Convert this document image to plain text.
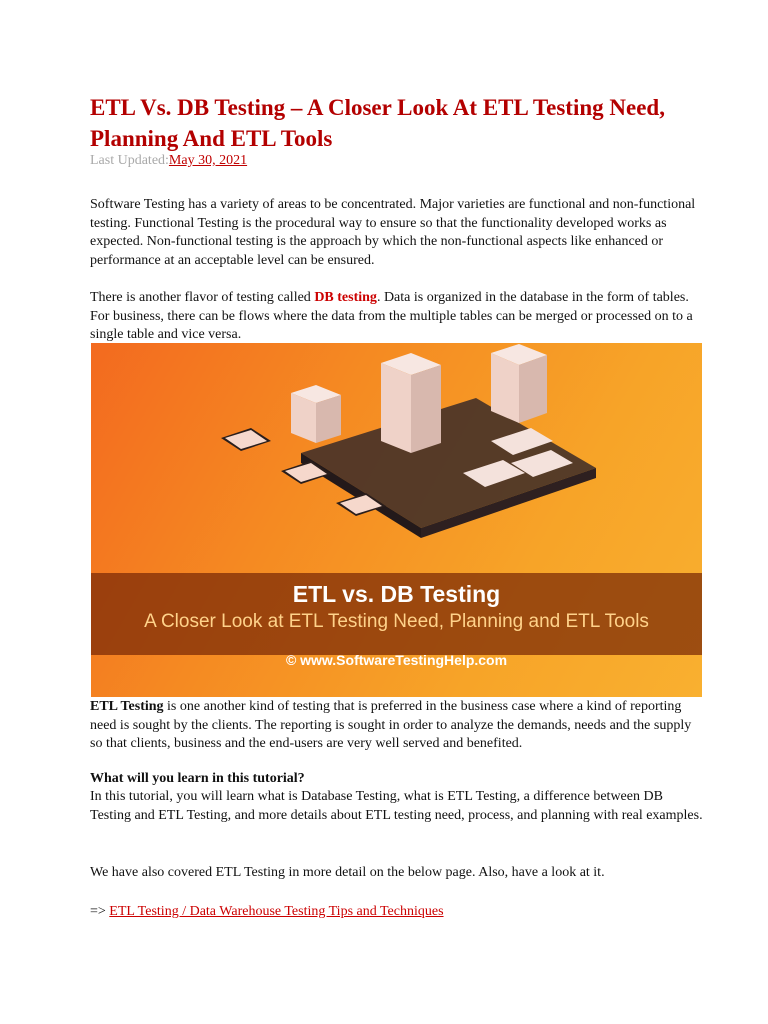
ETL Vs. DB Testing – A Closer Look At ETL Testing Need, Planning And ETL Tools
Last Updated:May 30, 2021

Software Testing has a variety of areas to be concentrated. Major varieties are functional and non-functional testing. Functional Testing is the procedural way to ensure so that the functionality developed works as expected. Non-functional testing is the approach by which the non-functional aspects like enhanced or performance at an acceptable level can be ensured.

There is another flavor of testing called DB testing. Data is organized in the database in the form of tables. For business, there can be flows where the data from the multiple tables can be merged or processed on to a single table and vice versa.

ETL vs. DB Testing
A Closer Look at ETL Testing Need, Planning and ETL Tools
© www.SoftwareTestingHelp.com

ETL Testing is one another kind of testing that is preferred in the business case where a kind of reporting need is sought by the clients. The reporting is sought in order to analyze the demands, needs and the supply so that clients, business and the end-users are very well served and benefited.

What will you learn in this tutorial?

In this tutorial, you will learn what is Database Testing, what is ETL Testing, a difference between DB Testing and ETL Testing, and more details about ETL testing need, process, and planning with real examples.

We have also covered ETL Testing in more detail on the below page. Also, have a look at it.

=> ETL Testing / Data Warehouse Testing Tips and Techniques
